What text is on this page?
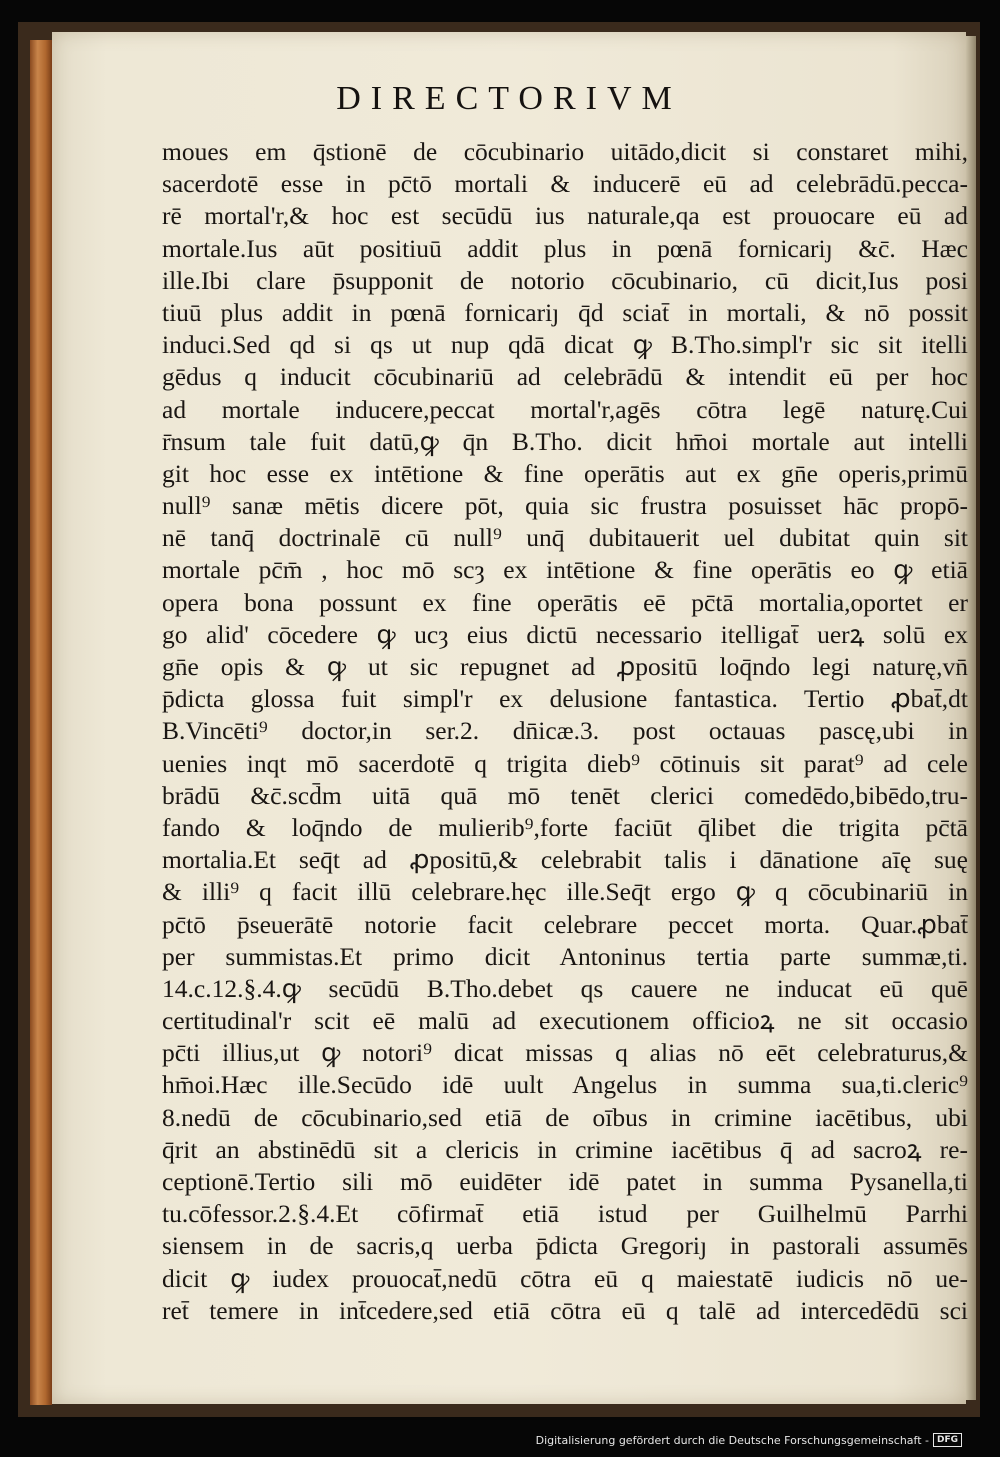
DIRECTORIVM
moues em q̄stionē de cōcubinario uitādo,dicit si constaret mihi,
sacerdotē esse in pc̄tō mortali & inducerē eū ad celebrādū.pecca-
rē mortal'r,& hoc est secūdū ius naturale,qa est prouocare eū ad
mortale.Ius aūt positiuū addit plus in pœnā fornicariȷ &c̄. Hæc
ille.Ibi clare p̄supponit de notorio cōcubinario, cū dicit,Ius posi
tiuū plus addit in pœnā fornicariȷ q̄d sciat̄ in mortali, & nō possit
induci.Sed qd si qs ut nup qdā dicat ꝙ B.Tho.simpl'r sic sit itelli
gēdus q inducit cōcubinariū ad celebrādū & intendit eū per hoc
ad mortale inducere,peccat mortal'r,agēs cōtra legē naturę.Cui
r̄nsum tale fuit datū,ꝙ q̄n B.Tho. dicit hm̄oi mortale aut intelli
git hoc esse ex intētione & fine operātis aut ex gn̄e operis,primū
null⁹ sanæ mētis dicere pōt, quia sic frustra posuisset hāc propō-
nē tanq̄ doctrinalē cū null⁹ unq̄ dubitauerit uel dubitat quin sit
mortale pc̄m̄ , hoc mō scȝ ex intētione & fine operātis eo ꝙ etiā
opera bona possunt ex fine operātis eē pc̄tā mortalia,oportet er
go alid' cōcedere ꝙ ucȝ eius dictū necessario itelligat̄ uerꝝ solū ex
gn̄e opis & ꝙ ut sic repugnet ad ꝓpositū loq̄ndo legi naturę,vn̄
p̄dicta glossa fuit simpl'r ex delusione fantastica. Tertio ꝓbat̄,dt
B.Vincēti⁹ doctor,in ser.2. dn̄icæ.3. post octauas pascę,ubi in
uenies inqt mō sacerdotē q trigita dieb⁹ cōtinuis sit parat⁹ ad cele
brādū &c̄.scd̄m uitā quā mō tenēt clerici comedēdo,bibēdo,tru-
fando & loq̄ndo de mulierib⁹,forte faciūt q̄libet die trigita pc̄tā
mortalia.Et seq̄t ad ꝓpositū,& celebrabit talis i dānatione aīę suę
& illi⁹ q facit illū celebrare.hęc ille.Seq̄t ergo ꝙ q cōcubinariū in
pc̄tō p̄seuerātē notorie facit celebrare peccet morta. Quar.ꝓbat̄
per summistas.Et primo dicit Antoninus tertia parte summæ,ti.
14.c.12.§.4.ꝙ secūdū B.Tho.debet qs cauere ne inducat eū quē
certitudinal'r scit eē malū ad executionem officioꝝ ne sit occasio
pc̄ti illius,ut ꝙ notori⁹ dicat missas q alias nō eēt celebraturus,&
hm̄oi.Hæc ille.Secūdo idē uult Angelus in summa sua,ti.cleric⁹
8.nedū de cōcubinario,sed etiā de oībus in crimine iacētibus, ubi
q̄rit an abstinēdū sit a clericis in crimine iacētibus q̄ ad sacroꝝ re-
ceptionē.Tertio sili mō euidēter idē patet in summa Pysanella,ti
tu.cōfessor.2.§.4.Et cōfirmat̄ etiā istud per Guilhelmū Parrhi
siensem in de sacris,q uerba p̄dicta Gregoriȷ in pastorali assumēs
dicit ꝙ iudex prouocat̄,nedū cōtra eū q maiestatē iudicis nō ue-
ret̄ temere in int̄cedere,sed etiā cōtra eū q talē ad intercedēdū sci
Digitalisierung gefördert durch die Deutsche Forschungsgemeinschaft - DFG
